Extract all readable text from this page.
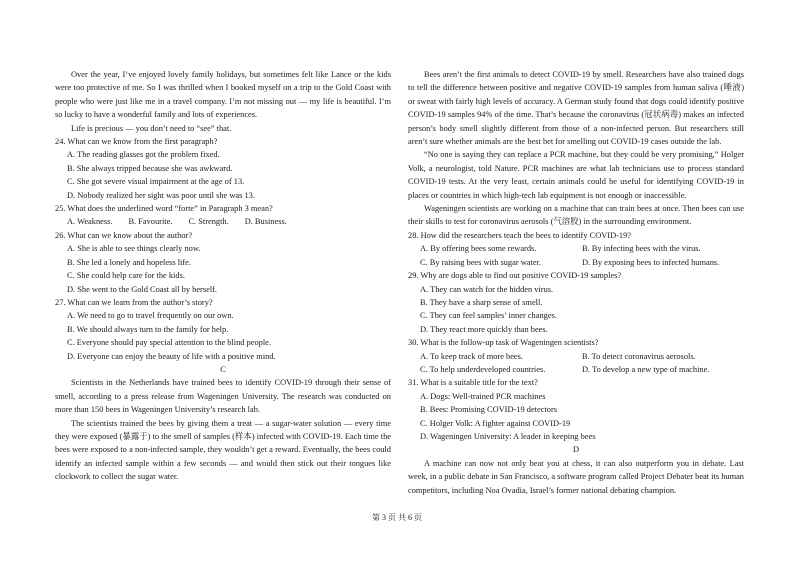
Over the year, I’ve enjoyed lovely family holidays, but sometimes felt like Lance or the kids were too protective of me. So I was thrilled when I booked myself on a trip to the Gold Coast with people who were just like me in a travel company. I’m not missing out — my life is beautiful. I’m so lucky to have a wonderful family and lots of experiences.

Life is precious — you don’t need to “see” that.

24. What can we know from the first paragraph?

A. The reading glasses got the problem fixed.

B. She always tripped because she was awkward.

C. She got severe visual impairment at the age of 13.

D. Nobody realized her sight was poor until she was 13.

25. What does the underlined word “forte” in Paragraph 3 mean?

A. Weakness. B. Favourite. C. Strength. D. Business.

26. What can we know about the author?

A. She is able to see things clearly now.

B. She led a lonely and hopeless life.

C. She could help care for the kids.

D. She went to the Gold Coast all by herself.

27. What can we learn from the author’s story?

A. We need to go to travel frequently on our own.

B. We should always turn to the family for help.

C. Everyone should pay special attention to the blind people.

D. Everyone can enjoy the beauty of life with a positive mind.

C

Scientists in the Netherlands have trained bees to identify COVID-19 through their sense of smell, according to a press release from Wageningen University. The research was conducted on more than 150 bees in Wageningen University’s research lab.

The scientists trained the bees by giving them a treat — a sugar-water solution — every time they were exposed (暴露于) to the smell of samples (样本) infected with COVID-19. Each time the bees were exposed to a non-infected sample, they wouldn’t get a reward. Eventually, the bees could identify an infected sample within a few seconds — and would then stick out their tongues like clockwork to collect the sugar water.

Bees aren’t the first animals to detect COVID-19 by smell. Researchers have also trained dogs to tell the difference between positive and negative COVID-19 samples from human saliva (唾液) or sweat with fairly high levels of accuracy. A German study found that dogs could identify positive COVID-19 samples 94% of the time. That’s because the coronavirus (冠状病毒) makes an infected person’s body smell slightly different from those of a non-infected person. But researchers still aren’t sure whether animals are the best bet for smelling out COVID-19 cases outside the lab.

“No one is saying they can replace a PCR machine, but they could be very promising,” Holger Volk, a neurologist, told Nature. PCR machines are what lab technicians use to process standard COVID-19 tests. At the very least, certain animals could be useful for identifying COVID-19 in places or countries in which high-tech lab equipment is not enough or inaccessible.

Wageningen scientists are working on a machine that can train bees at once. Then bees can use their skills to test for coronavirus aerosols (气溶胶) in the surrounding environment.

28. How did the researchers teach the bees to identify COVID-19?

A. By offering bees some rewards.	B. By infecting bees with the virus.
C. By raising bees with sugar water.	D. By exposing bees to infected humans.

29. Why are dogs able to find out positive COVID-19 samples?

A. They can watch for the hidden virus.

B. They have a sharp sense of smell.

C. They can feel samples’ inner changes.

D. They react more quickly than bees.

30. What is the follow-up task of Wageningen scientists?

A. To keep track of more bees.	B. To detect coronavirus aerosols.
C. To help underdeveloped countries.	D. To develop a new type of machine.

31. What is a suitable title for the text?

A. Dogs: Well-trained PCR machines

B. Bees: Promising COVID-19 detectors

C. Holger Volk: A fighter against COVID-19

D. Wageningen University: A leader in keeping bees

D

A machine can now not only beat you at chess, it can also outperform you in debate. Last week, in a public debate in San Francisco, a software program called Project Debater beat its human competitors, including Noa Ovadia, Israel’s former national debating champion.

第 3 页 共 6 页
